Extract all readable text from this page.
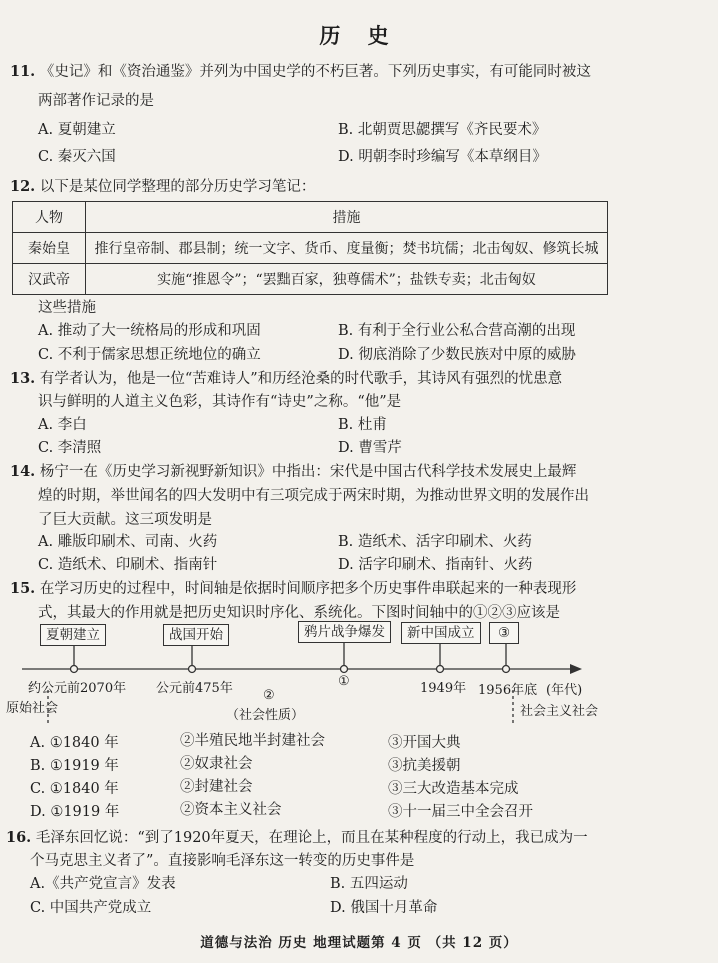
历 史
11. 《史记》和《资治通鉴》并列为中国史学的不朽巨著。下列历史事实，有可能同时被这
两部著作记录的是
A. 夏朝建立	B. 北朝贾思勰撰写《齐民要术》
C. 秦灭六国	D. 明朝李时珍编写《本草纲目》
12. 以下是某位同学整理的部分历史学习笔记：
人物	措施
秦始皇	推行皇帝制、郡县制；统一文字、货币、度量衡；焚书坑儒；北击匈奴、修筑长城
汉武帝	实施“推恩令”；“罢黜百家，独尊儒术”；盐铁专卖；北击匈奴
这些措施
A. 推动了大一统格局的形成和巩固	B. 有利于全行业公私合营高潮的出现
C. 不利于儒家思想正统地位的确立	D. 彻底消除了少数民族对中原的威胁
13. 有学者认为，他是一位“苦难诗人”和历经沧桑的时代歌手，其诗风有强烈的忧患意
识与鲜明的人道主义色彩，其诗作有“诗史”之称。“他”是
A. 李白	B. 杜甫
C. 李清照	D. 曹雪芹
14. 杨宁一在《历史学习新视野新知识》中指出：宋代是中国古代科学技术发展史上最辉
煌的时期，举世闻名的四大发明中有三项完成于两宋时期，为推动世界文明的发展作出
了巨大贡献。这三项发明是
A. 雕版印刷术、司南、火药	B. 造纸术、活字印刷术、火药
C. 造纸术、印刷术、指南针	D. 活字印刷术、指南针、火药
15. 在学习历史的过程中，时间轴是依据时间顺序把多个历史事件串联起来的一种表现形
式，其最大的作用就是把历史知识时序化、系统化。下图时间轴中的①②③应该是
夏朝建立	战国开始	鸦片战争爆发	新中国成立	③
约公元前2070年 公元前475年	①	1949年 1956年底 (年代)
原始社会
②
（社会性质）	社会主义社会
A. ①1840 年	②半殖民地半封建社会	③开国大典
B. ①1919 年	②奴隶社会	③抗美援朝
C. ①1840 年	②封建社会	③三大改造基本完成
D. ①1919 年	②资本主义社会	③十一届三中全会召开
16. 毛泽东回忆说：“到了1920年夏天，在理论上，而且在某种程度的行动上，我已成为一
个马克思主义者了”。直接影响毛泽东这一转变的历史事件是
A.《共产党宣言》发表	B. 五四运动
C. 中国共产党成立	D. 俄国十月革命
道德与法治 历史 地理试题第 4 页 （共 12 页）
